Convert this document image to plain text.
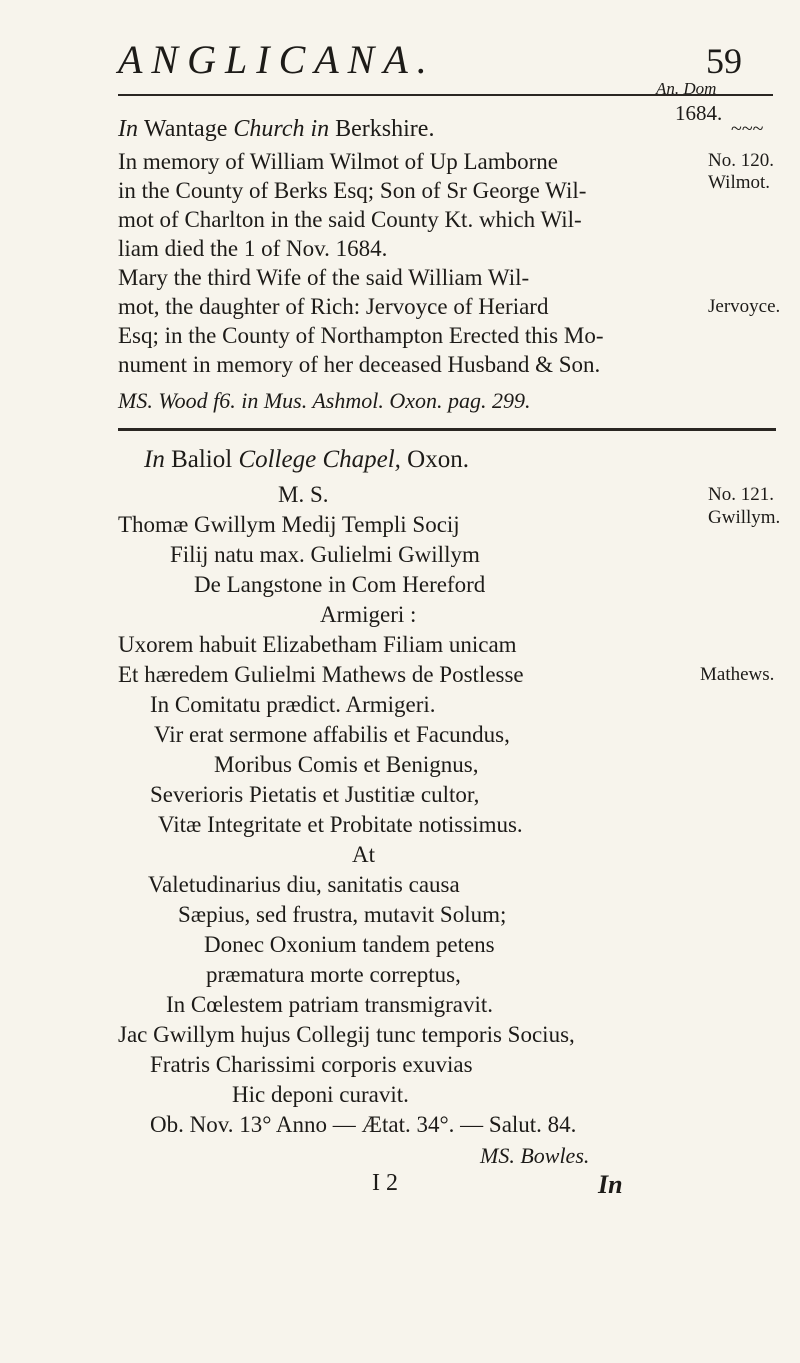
ANGLICANA.	59
An. Dom
1684.
~~~
In Wantage Church in Berkshire.
In memory of William Wilmot of Up Lamborne
in the County of Berks Esq; Son of Sr George Wil-
mot of Charlton in the said County Kt. which Wil-
liam died the 1 of Nov. 1684.
Mary the third Wife of the said William Wil-
mot, the daughter of Rich: Jervoyce of Heriard
Esq; in the County of Northampton Erected this Mo-
nument in memory of her deceased Husband & Son.
MS. Wood f6. in Mus. Ashmol. Oxon. pag. 299.
No. 120.
Wilmot.
Jervoyce.
In Baliol College Chapel, Oxon.
M. S.
Thomæ Gwillym Medij Templi Socij
Filij natu max. Gulielmi Gwillym
De Langstone in Com Hereford
Armigeri :
Uxorem habuit Elizabetham Filiam unicam
Et hæredem Gulielmi Mathews de Postlesse
In Comitatu prædict. Armigeri.
Vir erat sermone affabilis et Facundus,
Moribus Comis et Benignus,
Severioris Pietatis et Justitiæ cultor,
Vitæ Integritate et Probitate notissimus.
At
Valetudinarius diu, sanitatis causa
Sæpius, sed frustra, mutavit Solum;
Donec Oxonium tandem petens
præmatura morte correptus,
In Cœlestem patriam transmigravit.
Jac Gwillym hujus Collegij tunc temporis Socius,
Fratris Charissimi corporis exuvias
Hic deponi curavit.
Ob. Nov. 13° Anno — Ætat. 34°. — Salut. 84.
MS. Bowles.
No. 121.
Gwillym.
Mathews.
I 2	In
